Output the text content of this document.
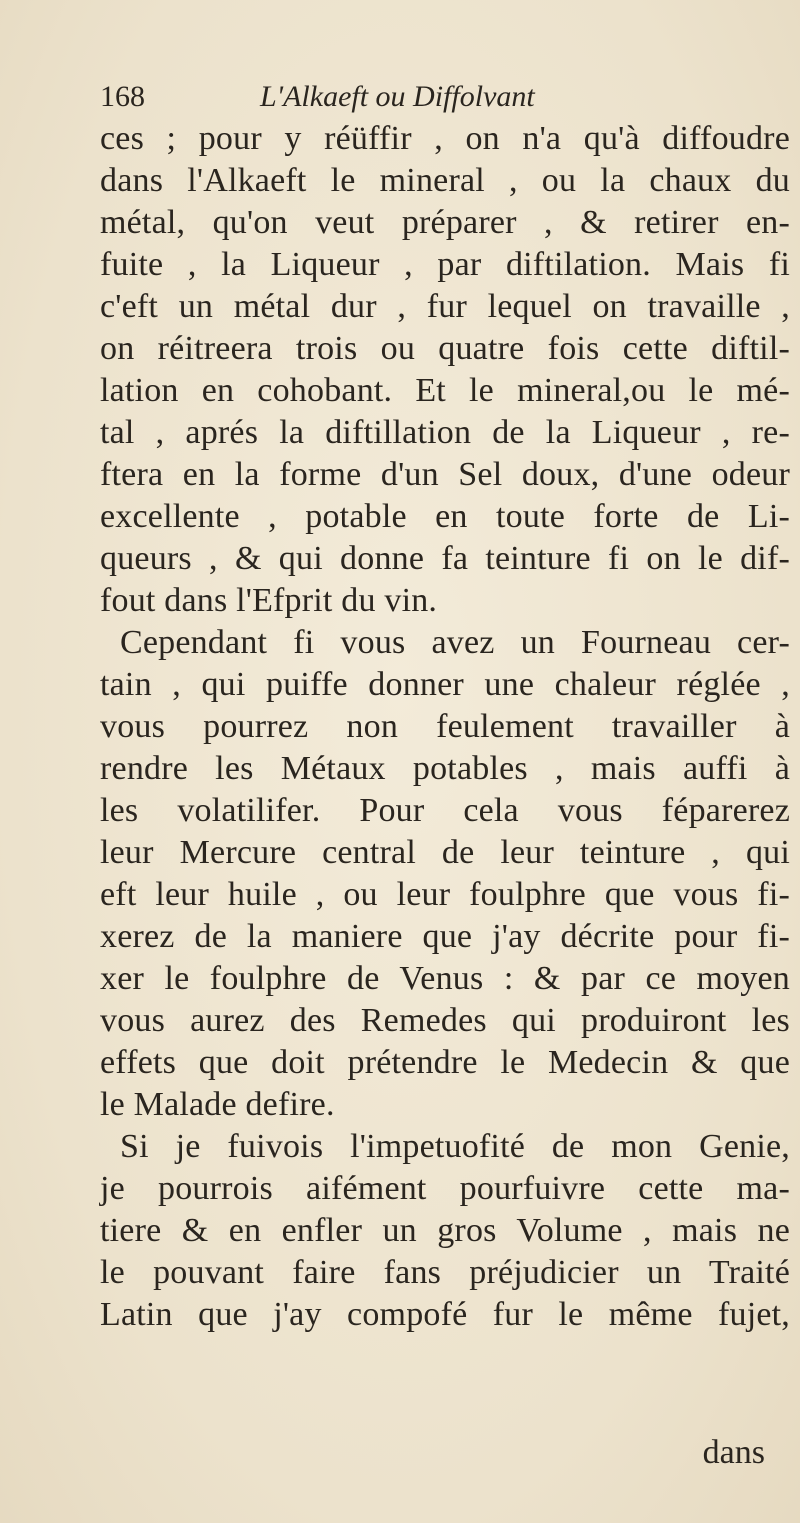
168	L'Alkaeft ou Diffolvant
ces ; pour y réüffir , on n'a qu'à diffoudre
dans l'Alkaeft le mineral , ou la chaux du
métal, qu'on veut préparer , & retirer en-
fuite , la Liqueur , par diftilation. Mais fi
c'eft un métal dur , fur lequel on travaille ,
on réitreera trois ou quatre fois cette diftil-
lation en cohobant. Et le mineral,ou le mé-
tal , aprés la diftillation de la Liqueur , re-
ftera en la forme d'un Sel doux, d'une odeur
excellente , potable en toute forte de Li-
queurs , & qui donne fa teinture fi on le dif-
fout dans l'Efprit du vin.
Cependant fi vous avez un Fourneau cer-
tain , qui puiffe donner une chaleur réglée ,
vous pourrez non feulement travailler à
rendre les Métaux potables , mais auffi à
les volatilifer. Pour cela vous féparerez
leur Mercure central de leur teinture , qui
eft leur huile , ou leur foulphre que vous fi-
xerez de la maniere que j'ay décrite pour fi-
xer le foulphre de Venus : & par ce moyen
vous aurez des Remedes qui produiront les
effets que doit prétendre le Medecin & que
le Malade defire.
Si je fuivois l'impetuofité de mon Genie,
je pourrois aifément pourfuivre cette ma-
tiere & en enfler un gros Volume , mais ne
le pouvant faire fans préjudicier un Traité
Latin que j'ay compofé fur le même fujet,
dans
